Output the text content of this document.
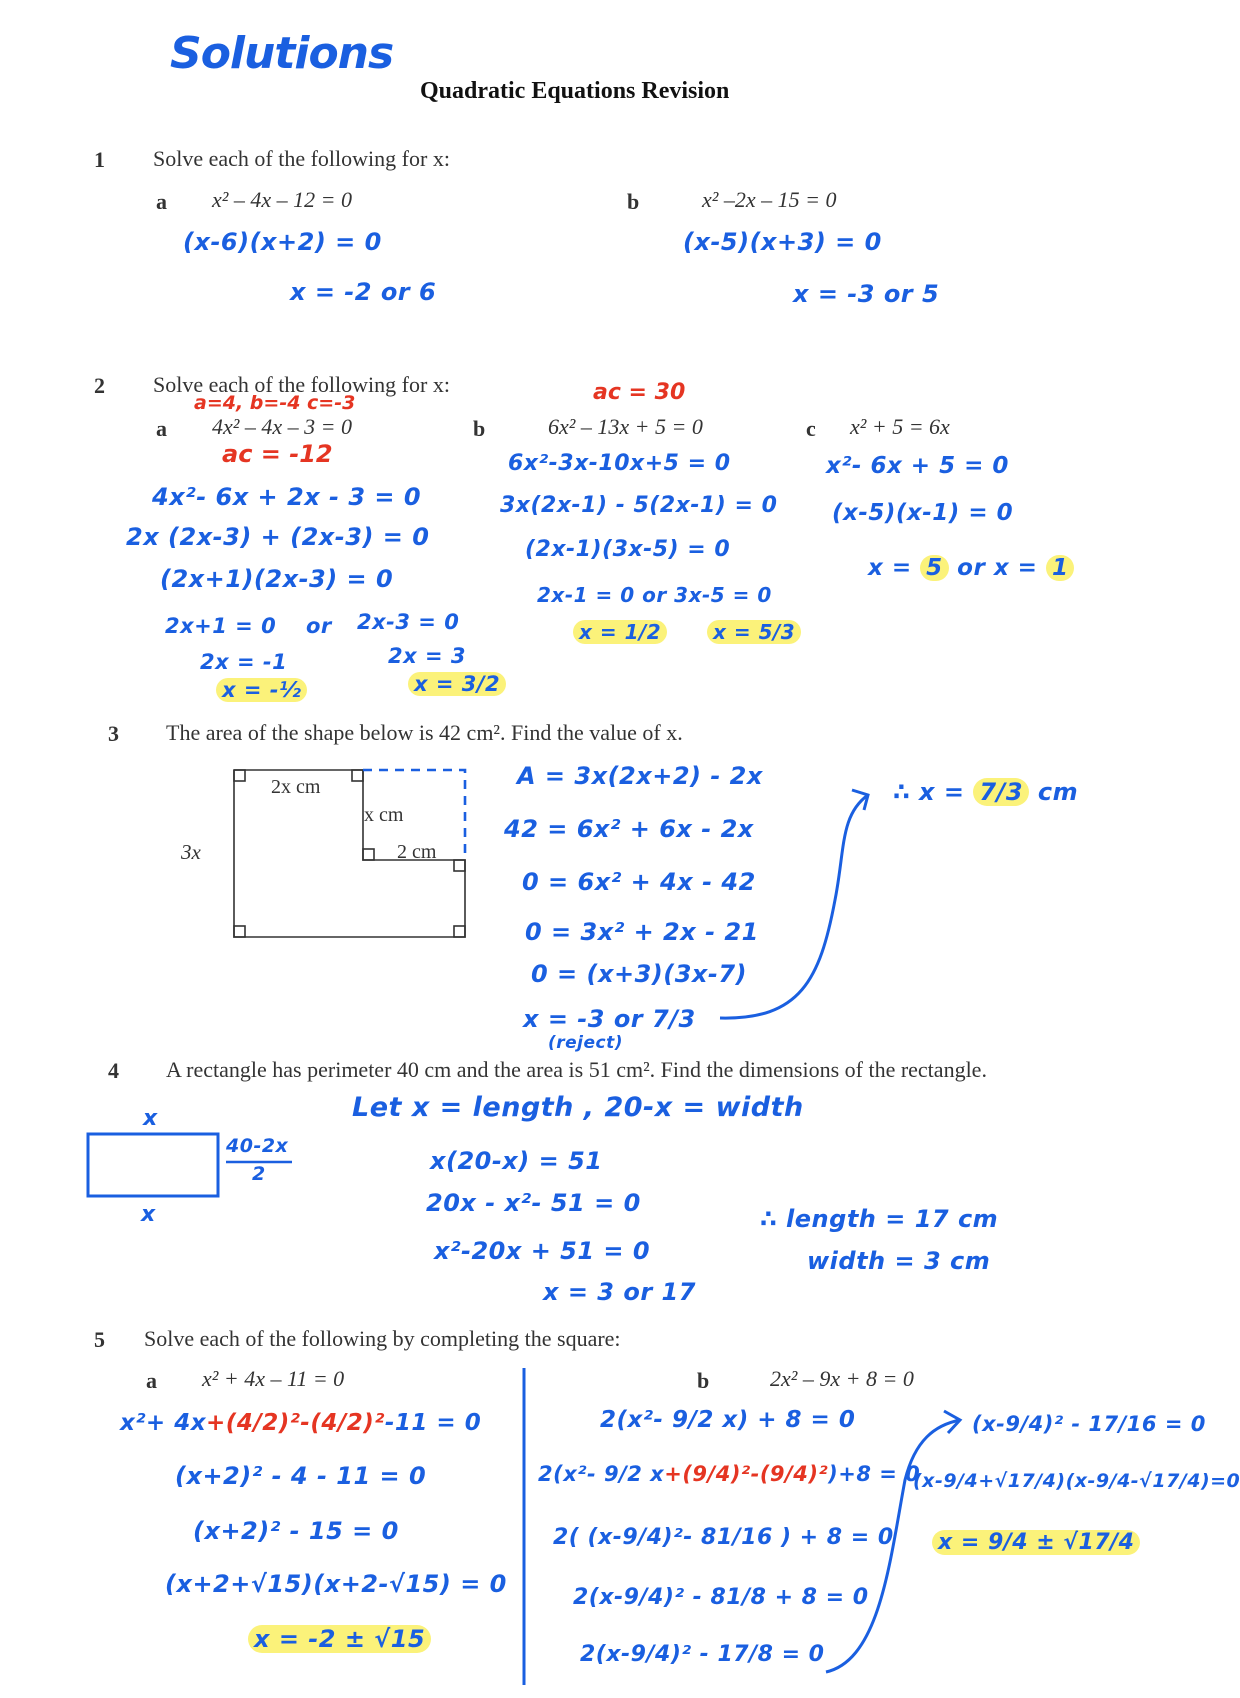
Solutions
Quadratic Equations Revision
1 Solve each of the following for x:
a x² – 4x – 12 = 0
(x-6)(x+2) = 0
x = -2 or 6
b	x² –2x – 15 = 0
(x-5)(x+3) = 0
x = -3 or 5
2 Solve each of the following for x:
a=4, b=-4 c=-3
a 4x² – 4x – 3 = 0
ac = -12
4x²- 6x + 2x - 3 = 0
2x (2x-3) + (2x-3) = 0
(2x+1)(2x-3) = 0
2x+1 = 0 or 2x-3 = 0
2x = -1	2x = 3
x = -½	x = 3/2
ac = 30
b	6x² – 13x + 5 = 0
6x²-3x-10x+5 = 0
3x(2x-1) - 5(2x-1) = 0
(2x-1)(3x-5) = 0
2x-1 = 0 or 3x-5 = 0
x = 1/2	x = 5/3
c x² + 5 = 6x
x²- 6x + 5 = 0
(x-5)(x-1) = 0
x = 5 or x = 1
3 The area of the shape below is 42 cm². Find the value of x.
2x cm
x cm
2 cm
3x
A = 3x(2x+2) - 2x
42 = 6x² + 6x - 2x
0 = 6x² + 4x - 42
0 = 3x² + 2x - 21
0 = (x+3)(3x-7)
x = -3 or 7/3
(reject)
∴ x = 7/3 cm
4 A rectangle has perimeter 40 cm and the area is 51 cm². Find the dimensions of the rectangle.
x
x
40-2x
2
Let x = length , 20-x = width
x(20-x) = 51
20x - x²- 51 = 0
x²-20x + 51 = 0
x = 3 or 17
∴ length = 17 cm
width = 3 cm
5 Solve each of the following by completing the square:
a x² + 4x – 11 = 0
x²+ 4x+(4/2)²-(4/2)²-11 = 0
(x+2)² - 4 - 11 = 0
(x+2)² - 15 = 0
(x+2+√15)(x+2-√15) = 0
x = -2 ± √15
b	2x² – 9x + 8 = 0
2(x²- 9/2 x) + 8 = 0
2(x²- 9/2 x+(9/4)²-(9/4)²)+8 = 0
2( (x-9/4)²- 81/16 ) + 8 = 0
2(x-9/4)² - 81/8 + 8 = 0
2(x-9/4)² - 17/8 = 0
(x-9/4)² - 17/16 = 0
(x-9/4+√17/4)(x-9/4-√17/4)=0
x = 9/4 ± √17/4
